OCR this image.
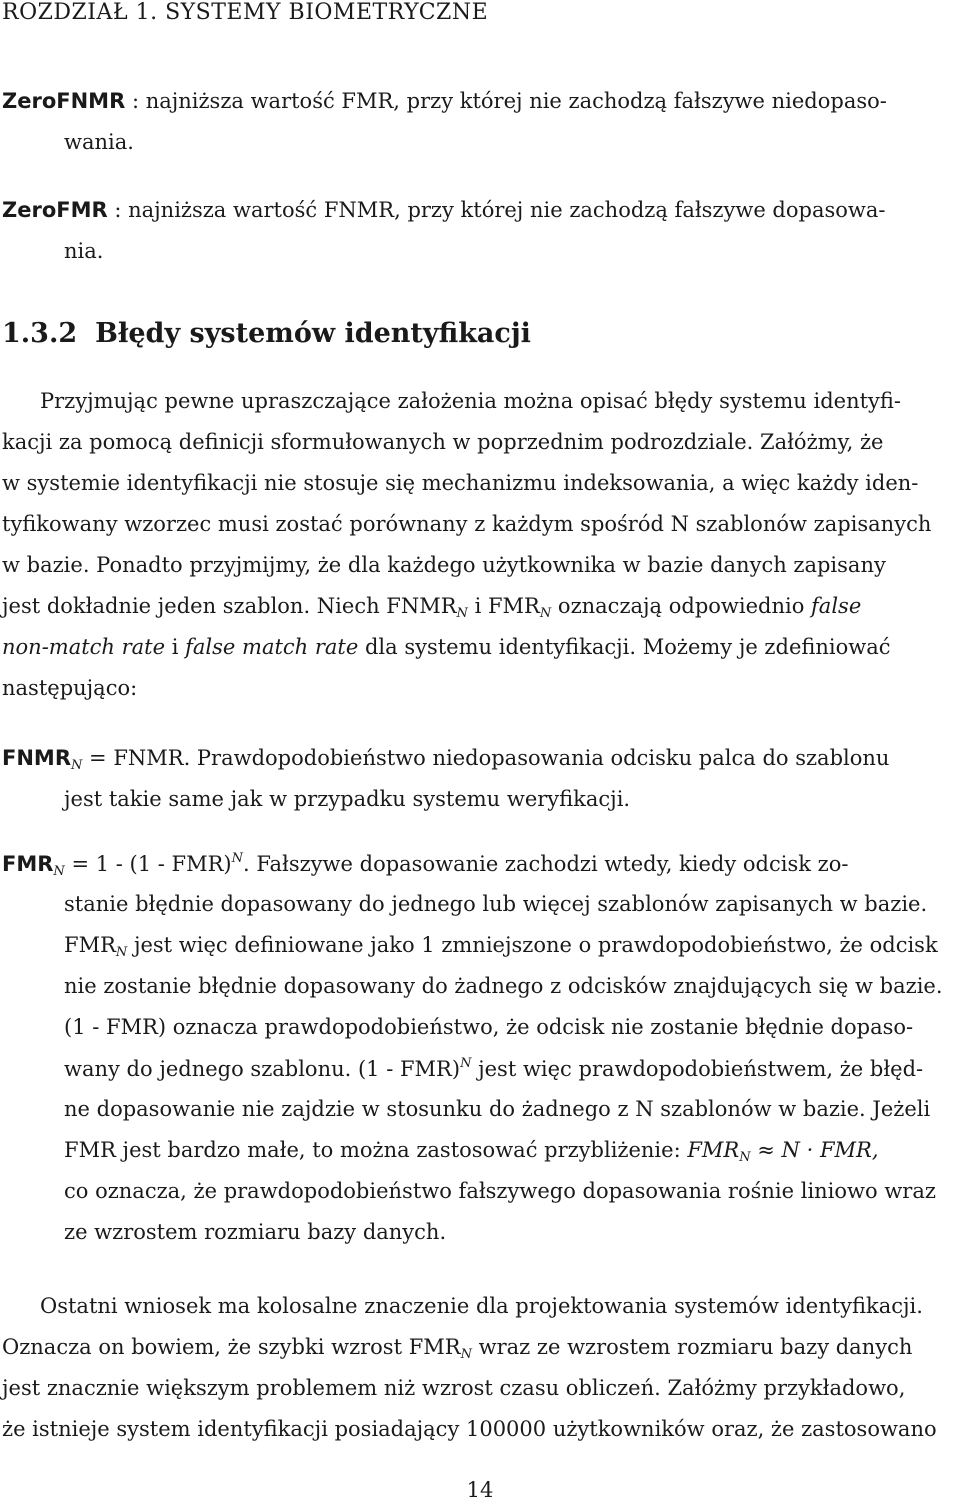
ROZDZIAŁ 1. SYSTEMY BIOMETRYCZNE
ZeroFNMR : najniższa wartość FMR, przy której nie zachodzą fałszywe niedopaso-
wania.
ZeroFMR : najniższa wartość FNMR, przy której nie zachodzą fałszywe dopasowa-
nia.
1.3.2 Błędy systemów identyfikacji
Przyjmując pewne upraszczające założenia można opisać błędy systemu identyfi-
kacji za pomocą definicji sformułowanych w poprzednim podrozdziale. Załóżmy, że
w systemie identyfikacji nie stosuje się mechanizmu indeksowania, a więc każdy iden-
tyfikowany wzorzec musi zostać porównany z każdym spośród N szablonów zapisanych
w bazie. Ponadto przyjmijmy, że dla każdego użytkownika w bazie danych zapisany
jest dokładnie jeden szablon. Niech $FNMR_N$ i $FMR_N$ oznaczają odpowiednio false
non-match rate i false match rate dla systemu identyfikacji. Możemy je zdefiniować
następująco:
$FNMR_N$ = FNMR. Prawdopodobieństwo niedopasowania odcisku palca do szablonu
jest takie same jak w przypadku systemu weryfikacji.
$FMR_N = 1 - (1 - FMR)^N$. Fałszywe dopasowanie zachodzi wtedy, kiedy odcisk zo-
stanie błędnie dopasowany do jednego lub więcej szablonów zapisanych w bazie.
$FMR_N$ jest więc definiowane jako 1 zmniejszone o prawdopodobieństwo, że odcisk
nie zostanie błędnie dopasowany do żadnego z odcisków znajdujących się w bazie.
(1 - FMR) oznacza prawdopodobieństwo, że odcisk nie zostanie błędnie dopaso-
wany do jednego szablonu. (1 - FMR)$^N$ jest więc prawdopodobieństwem, że błęd-
ne dopasowanie nie zajdzie w stosunku do żadnego z N szablonów w bazie. Jeżeli
FMR jest bardzo małe, to można zastosować przybliżenie: $FMR_N \approx N$ · FMR,
co oznacza, że prawdopodobieństwo fałszywego dopasowania rośnie liniowo wraz
ze wzrostem rozmiaru bazy danych.
Ostatni wniosek ma kolosalne znaczenie dla projektowania systemów identyfikacji.
Oznacza on bowiem, że szybki wzrost $FMR_N$ wraz ze wzrostem rozmiaru bazy danych
jest znacznie większym problemem niż wzrost czasu obliczeń. Załóżmy przykładowo,
że istnieje system identyfikacji posiadający 100000 użytkowników oraz, że zastosowano
14
